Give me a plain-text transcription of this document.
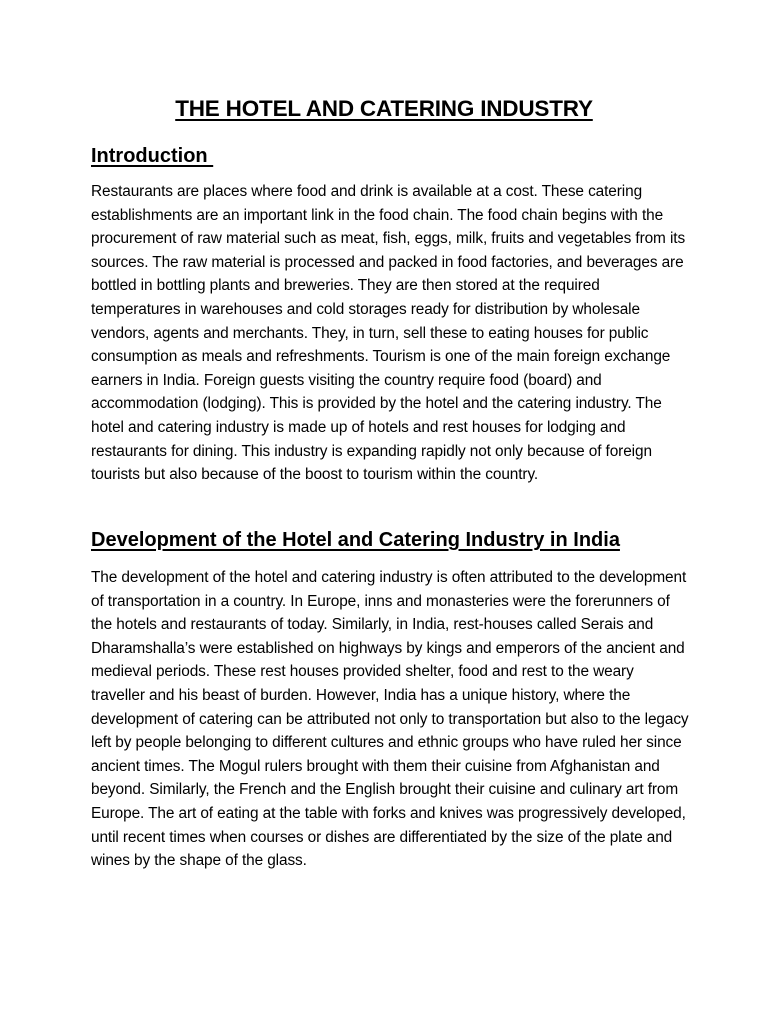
THE HOTEL AND CATERING INDUSTRY
Introduction

Restaurants are places where food and drink is available at a cost. These catering establishments are an important link in the food chain. The food chain begins with the procurement of raw material such as meat, fish, eggs, milk, fruits and vegetables from its sources. The raw material is processed and packed in food factories, and beverages are bottled in bottling plants and breweries. They are then stored at the required temperatures in warehouses and cold storages ready for distribution by wholesale vendors, agents and merchants. They, in turn, sell these to eating houses for public consumption as meals and refreshments. Tourism is one of the main foreign exchange earners in India. Foreign guests visiting the country require food (board) and accommodation (lodging). This is provided by the hotel and the catering industry. The hotel and catering industry is made up of hotels and rest houses for lodging and restaurants for dining. This industry is expanding rapidly not only because of foreign tourists but also because of the boost to tourism within the country.

Development of the Hotel and Catering Industry in India

The development of the hotel and catering industry is often attributed to the development of transportation in a country. In Europe, inns and monasteries were the forerunners of the hotels and restaurants of today. Similarly, in India, rest-houses called Serais and Dharamshalla’s were established on highways by kings and emperors of the ancient and medieval periods. These rest houses provided shelter, food and rest to the weary traveller and his beast of burden. However, India has a unique history, where the development of catering can be attributed not only to transportation but also to the legacy left by people belonging to different cultures and ethnic groups who have ruled her since ancient times. The Mogul rulers brought with them their cuisine from Afghanistan and beyond. Similarly, the French and the English brought their cuisine and culinary art from Europe. The art of eating at the table with forks and knives was progressively developed, until recent times when courses or dishes are differentiated by the size of the plate and wines by the shape of the glass.
